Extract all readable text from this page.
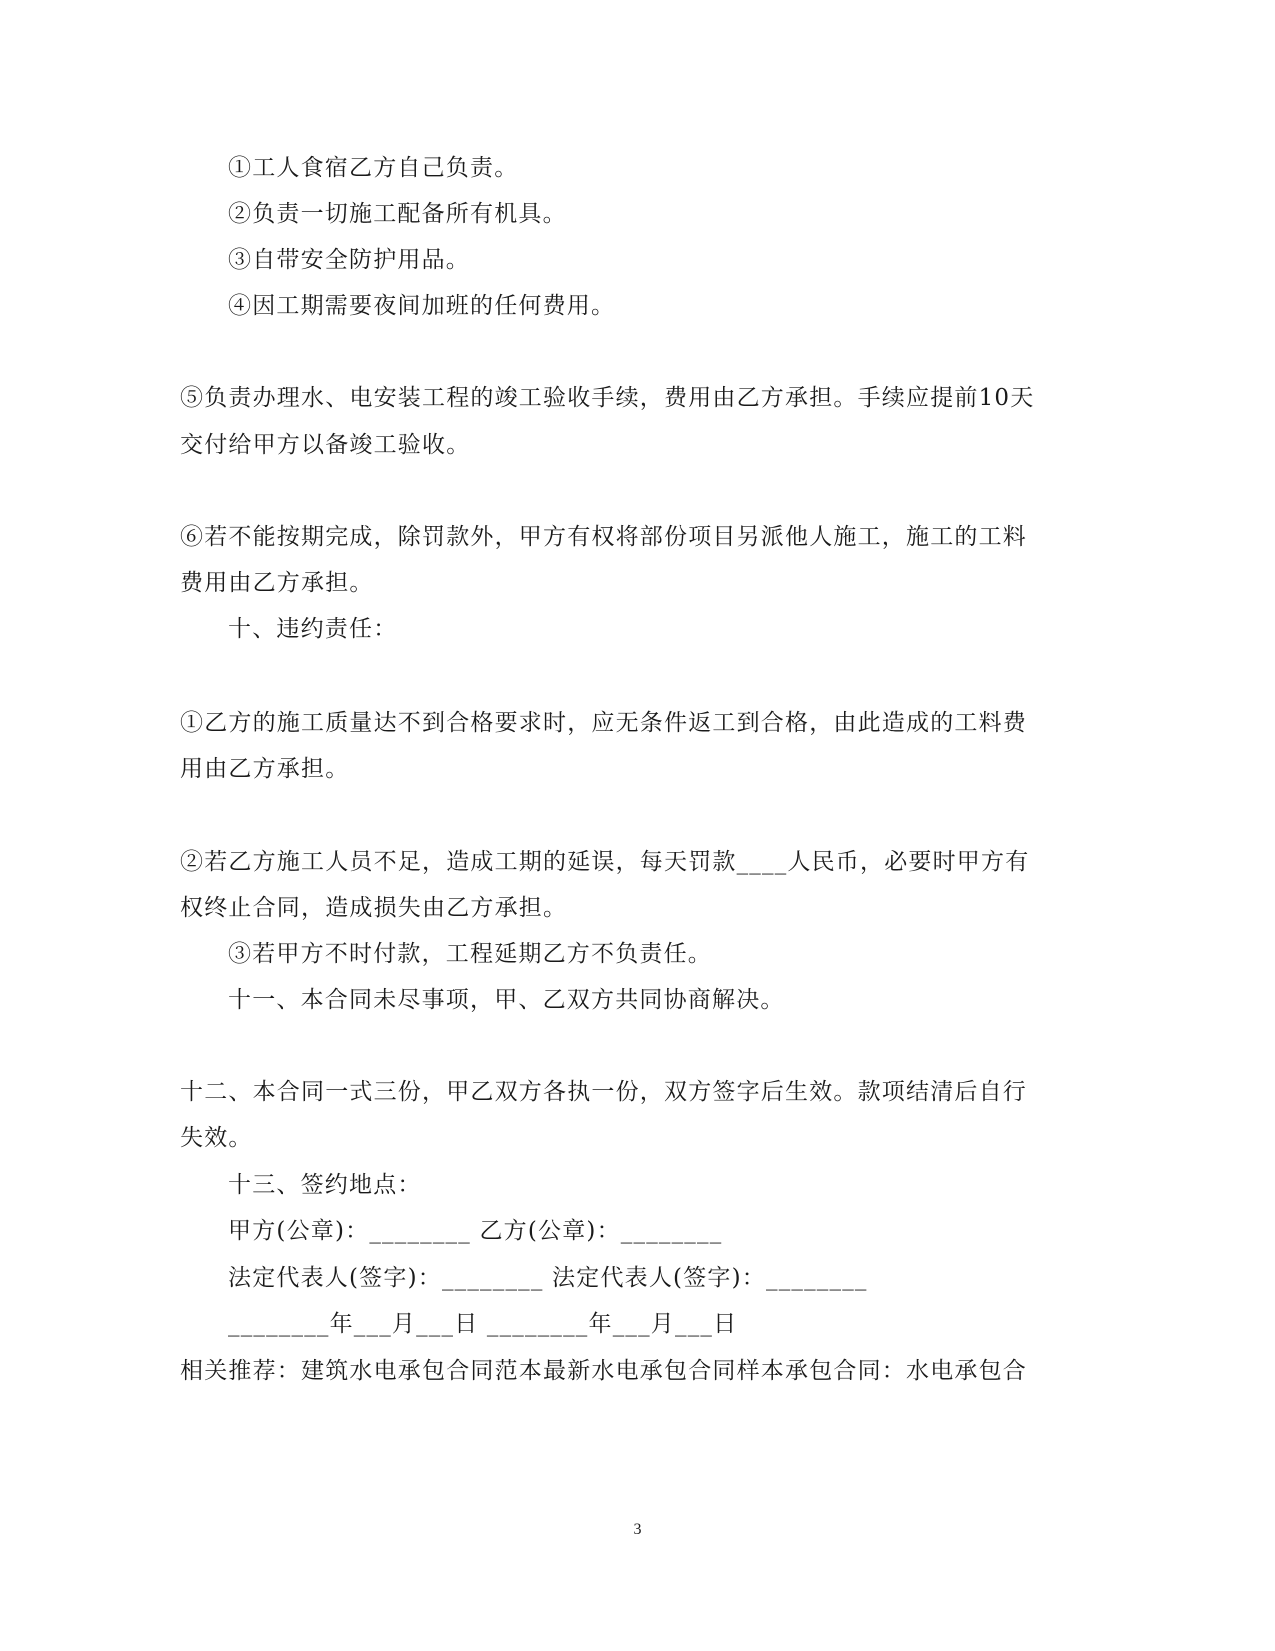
①工人食宿乙方自己负责。
②负责一切施工配备所有机具。
③自带安全防护用品。
④因工期需要夜间加班的任何费用。
⑤负责办理水、电安装工程的竣工验收手续，费用由乙方承担。手续应提前10天
交付给甲方以备竣工验收。
⑥若不能按期完成，除罚款外，甲方有权将部份项目另派他人施工，施工的工料
费用由乙方承担。
十、违约责任：
①乙方的施工质量达不到合格要求时，应无条件返工到合格，由此造成的工料费
用由乙方承担。
②若乙方施工人员不足，造成工期的延误，每天罚款____人民币，必要时甲方有
权终止合同，造成损失由乙方承担。
③若甲方不时付款，工程延期乙方不负责任。
十一、本合同未尽事项，甲、乙双方共同协商解决。
十二、本合同一式三份，甲乙双方各执一份，双方签字后生效。款项结清后自行
失效。
十三、签约地点：
甲方(公章)：________ 乙方(公章)：________
法定代表人(签字)：________ 法定代表人(签字)：________
________年___月___日 ________年___月___日
相关推荐：建筑水电承包合同范本最新水电承包合同样本承包合同：水电承包合
3
